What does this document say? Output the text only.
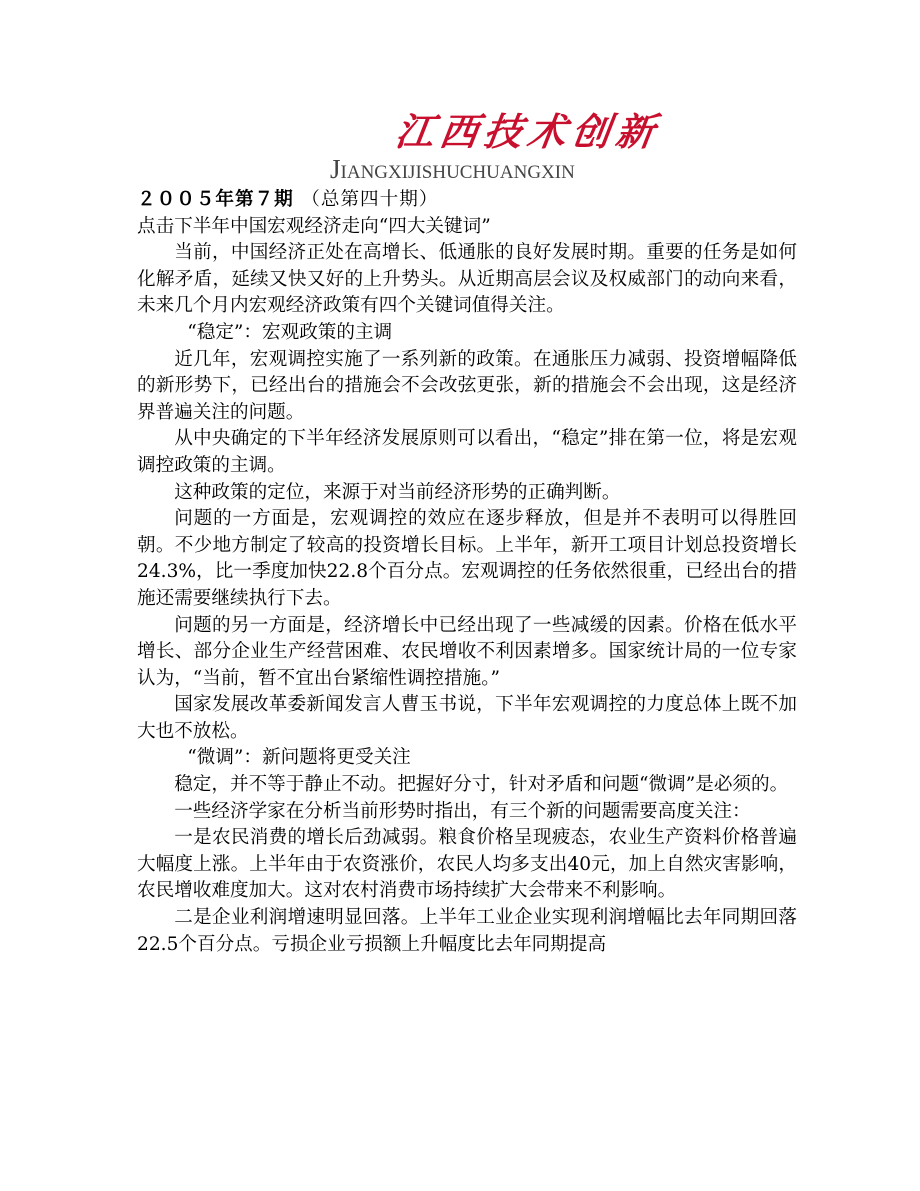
江西技术创新
JIANGXIJISHUCHUANGXIN

２００５年第７期 （总第四十期）

点击下半年中国宏观经济走向“四大关键词”

当前，中国经济正处在高增长、低通胀的良好发展时期。重要的任务是如何化解矛盾，延续又快又好的上升势头。从近期高层会议及权威部门的动向来看，未来几个月内宏观经济政策有四个关键词值得关注。

“稳定”：宏观政策的主调

近几年，宏观调控实施了一系列新的政策。在通胀压力减弱、投资增幅降低的新形势下，已经出台的措施会不会改弦更张，新的措施会不会出现，这是经济界普遍关注的问题。

从中央确定的下半年经济发展原则可以看出，“稳定”排在第一位，将是宏观调控政策的主调。

这种政策的定位，来源于对当前经济形势的正确判断。

问题的一方面是，宏观调控的效应在逐步释放，但是并不表明可以得胜回朝。不少地方制定了较高的投资增长目标。上半年，新开工项目计划总投资增长24.3%，比一季度加快22.8个百分点。宏观调控的任务依然很重，已经出台的措施还需要继续执行下去。

问题的另一方面是，经济增长中已经出现了一些减缓的因素。价格在低水平增长、部分企业生产经营困难、农民增收不利因素增多。国家统计局的一位专家认为，“当前，暂不宜出台紧缩性调控措施。”

国家发展改革委新闻发言人曹玉书说，下半年宏观调控的力度总体上既不加大也不放松。

“微调”：新问题将更受关注

稳定，并不等于静止不动。把握好分寸，针对矛盾和问题“微调”是必须的。

一些经济学家在分析当前形势时指出，有三个新的问题需要高度关注：

一是农民消费的增长后劲减弱。粮食价格呈现疲态，农业生产资料价格普遍大幅度上涨。上半年由于农资涨价，农民人均多支出40元，加上自然灾害影响，农民增收难度加大。这对农村消费市场持续扩大会带来不利影响。

二是企业利润增速明显回落。上半年工业企业实现利润增幅比去年同期回落22.5个百分点。亏损企业亏损额上升幅度比去年同期提高
